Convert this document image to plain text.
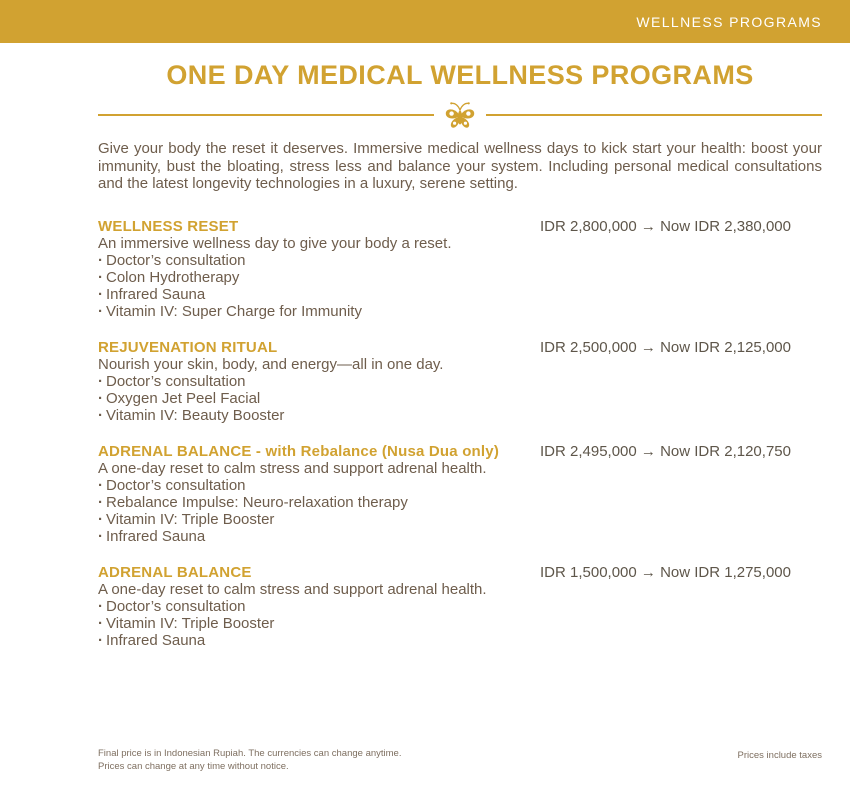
WELLNESS PROGRAMS
ONE DAY MEDICAL WELLNESS PROGRAMS

Give your body the reset it deserves. Immersive medical wellness days to kick start your health: boost your immunity, bust the bloating, stress less and balance your system. Including personal medical consultations and the latest longevity technologies in a luxury, serene setting.

WELLNESS RESET

An immersive wellness day to give your body a reset.

· Doctor’s consultation
· Colon Hydrotherapy
· Infrared Sauna
· Vitamin IV: Super Charge for Immunity
IDR 2,800,000 → Now IDR 2,380,000
REJUVENATION RITUAL

Nourish your skin, body, and energy—all in one day.

· Doctor’s consultation
· Oxygen Jet Peel Facial
· Vitamin IV: Beauty Booster
IDR 2,500,000 → Now IDR 2,125,000
ADRENAL BALANCE - with Rebalance (Nusa Dua only)

A one-day reset to calm stress and support adrenal health.

· Doctor’s consultation
· Rebalance Impulse: Neuro-relaxation therapy
· Vitamin IV: Triple Booster
· Infrared Sauna
IDR 2,495,000 → Now IDR 2,120,750
ADRENAL BALANCE

A one-day reset to calm stress and support adrenal health.

· Doctor’s consultation
· Vitamin IV: Triple Booster
· Infrared Sauna
IDR 1,500,000 → Now IDR 1,275,000
Final price is in Indonesian Rupiah. The currencies can change anytime.
Prices can change at any time without notice.
Prices include taxes
